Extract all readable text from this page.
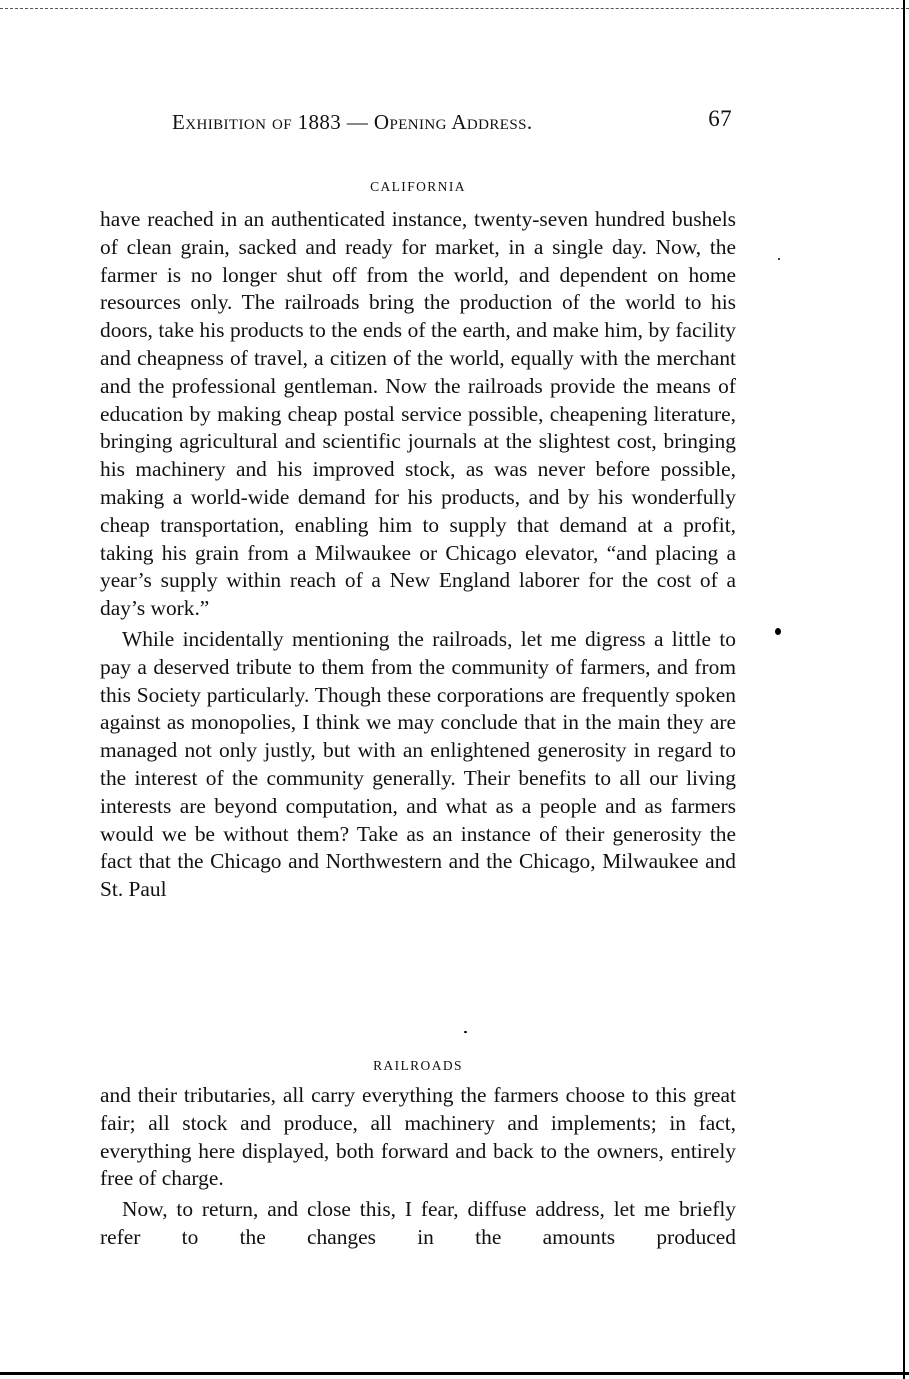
Exhibition of 1883 — Opening Address.	67
CALIFORNIA

have reached in an authenticated instance, twenty-seven hundred bushels of clean grain, sacked and ready for market, in a single day. Now, the farmer is no longer shut off from the world, and dependent on home resources only. The railroads bring the production of the world to his doors, take his products to the ends of the earth, and make him, by facility and cheapness of travel, a citizen of the world, equally with the merchant and the professional gentleman. Now the railroads provide the means of education by making cheap postal service possible, cheapening literature, bringing agricultural and scientific journals at the slightest cost, bringing his machinery and his improved stock, as was never before possible, making a world-wide demand for his products, and by his wonderfully cheap transportation, enabling him to supply that demand at a profit, taking his grain from a Milwaukee or Chicago elevator, “and placing a year’s supply within reach of a New England laborer for the cost of a day’s work.”

While incidentally mentioning the railroads, let me digress a little to pay a deserved tribute to them from the community of farmers, and from this Society particularly. Though these corporations are frequently spoken against as monopolies, I think we may conclude that in the main they are managed not only justly, but with an enlightened generosity in regard to the interest of the community generally. Their benefits to all our living interests are beyond computation, and what as a people and as farmers would we be without them? Take as an instance of their generosity the fact that the Chicago and Northwestern and the Chicago, Milwaukee and St. Paul

RAILROADS

and their tributaries, all carry everything the farmers choose to this great fair; all stock and produce, all machinery and implements; in fact, everything here displayed, both forward and back to the owners, entirely free of charge.

Now, to return, and close this, I fear, diffuse address, let me briefly refer to the changes in the amounts produced
